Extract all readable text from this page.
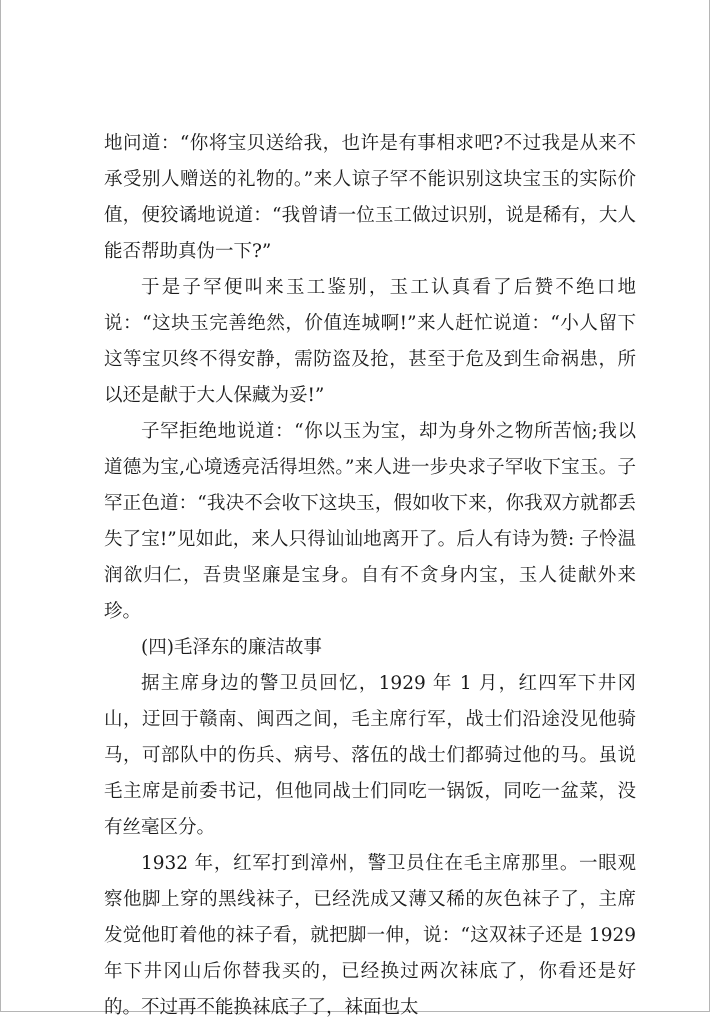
地问道：“你将宝贝送给我，也许是有事相求吧?不过我是从来不承受别人赠送的礼物的。”来人谅子罕不能识别这块宝玉的实际价值，便狡谲地说道：“我曾请一位玉工做过识别，说是稀有，大人能否帮助真伪一下?”

于是子罕便叫来玉工鉴别，玉工认真看了后赞不绝口地说：“这块玉完善绝然，价值连城啊!”来人赶忙说道：“小人留下这等宝贝终不得安静，需防盗及抢，甚至于危及到生命祸患，所以还是献于大人保藏为妥!”

子罕拒绝地说道：“你以玉为宝，却为身外之物所苦恼;我以道德为宝,心境透亮活得坦然。”来人进一步央求子罕收下宝玉。子罕正色道：“我决不会收下这块玉，假如收下来，你我双方就都丢失了宝!”见如此，来人只得讪讪地离开了。后人有诗为赞: 子怜温润欲归仁，吾贵坚廉是宝身。自有不贪身内宝，玉人徒献外来珍。

(四)毛泽东的廉洁故事

据主席身边的警卫员回忆，1929 年 1 月，红四军下井冈山，迂回于赣南、闽西之间，毛主席行军，战士们沿途没见他骑马，可部队中的伤兵、病号、落伍的战士们都骑过他的马。虽说毛主席是前委书记，但他同战士们同吃一锅饭，同吃一盆菜，没有丝毫区分。

1932 年，红军打到漳州，警卫员住在毛主席那里。一眼观察他脚上穿的黑线袜子，已经洗成又薄又稀的灰色袜子了，主席发觉他盯着他的袜子看，就把脚一伸，说：“这双袜子还是 1929 年下井冈山后你替我买的，已经换过两次袜底了，你看还是好的。不过再不能换袜底子了，袜面也太
